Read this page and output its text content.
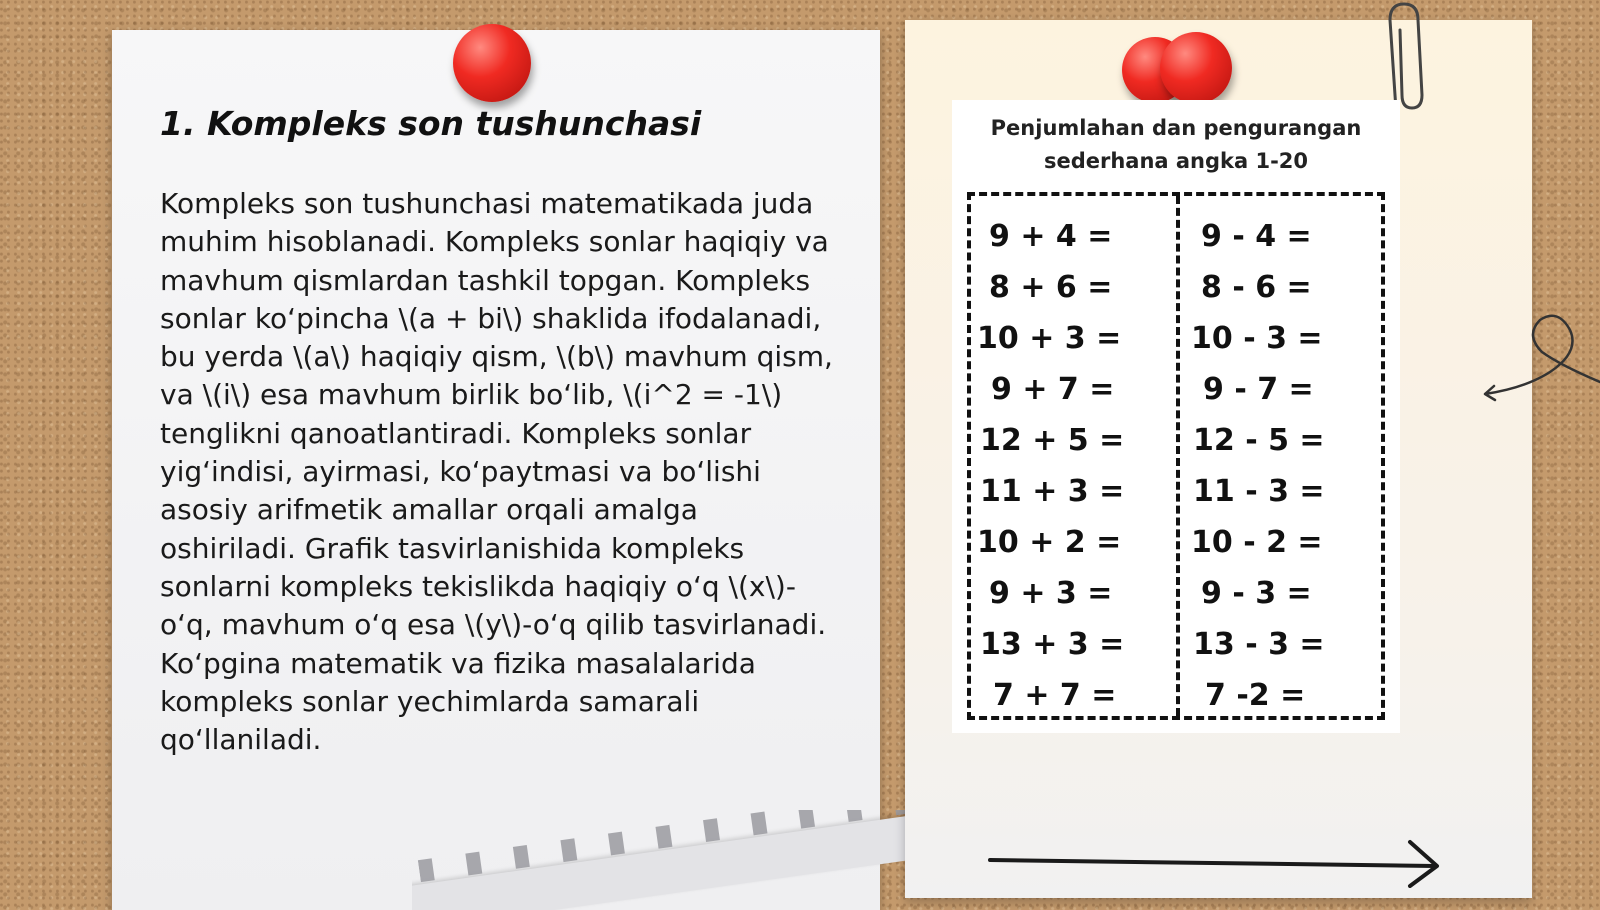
1. Kompleks son tushunchasi

Kompleks son tushunchasi matematikada juda muhim hisoblanadi. Kompleks sonlar haqiqiy va mavhum qismlardan tashkil topgan. Kompleks sonlar ko‘pincha \(a + bi\) shaklida ifodalanadi, bu yerda \(a\) haqiqiy qism, \(b\) mavhum qism, va \(i\) esa mavhum birlik bo‘lib, \(i^2 = -1\) tenglikni qanoatlantiradi. Kompleks sonlar yig‘indisi, ayirmasi, ko‘paytmasi va bo‘lishi asosiy arifmetik amallar orqali amalga oshiriladi. Grafik tasvirlanishida kompleks sonlarni kompleks tekislikda haqiqiy o‘q \(x\)-o‘q, mavhum o‘q esa \(y\)-o‘q qilib tasvirlanadi. Ko‘pgina matematik va fizika masalalarida kompleks sonlar yechimlarda samarali qo‘llaniladi.

Penjumlahan dan pengurangan
sederhana angka 1-20
9 + 4 =
8 + 6 =
10 + 3 =
9 + 7 =
12 + 5 =
11 + 3 =
10 + 2 =
9 + 3 =
13 + 3 =
7 + 7 =
9 - 4 =
8 - 6 =
10 - 3 =
9 - 7 =
12 - 5 =
11 - 3 =
10 - 2 =
9 - 3 =
13 - 3 =
7 -2 =
